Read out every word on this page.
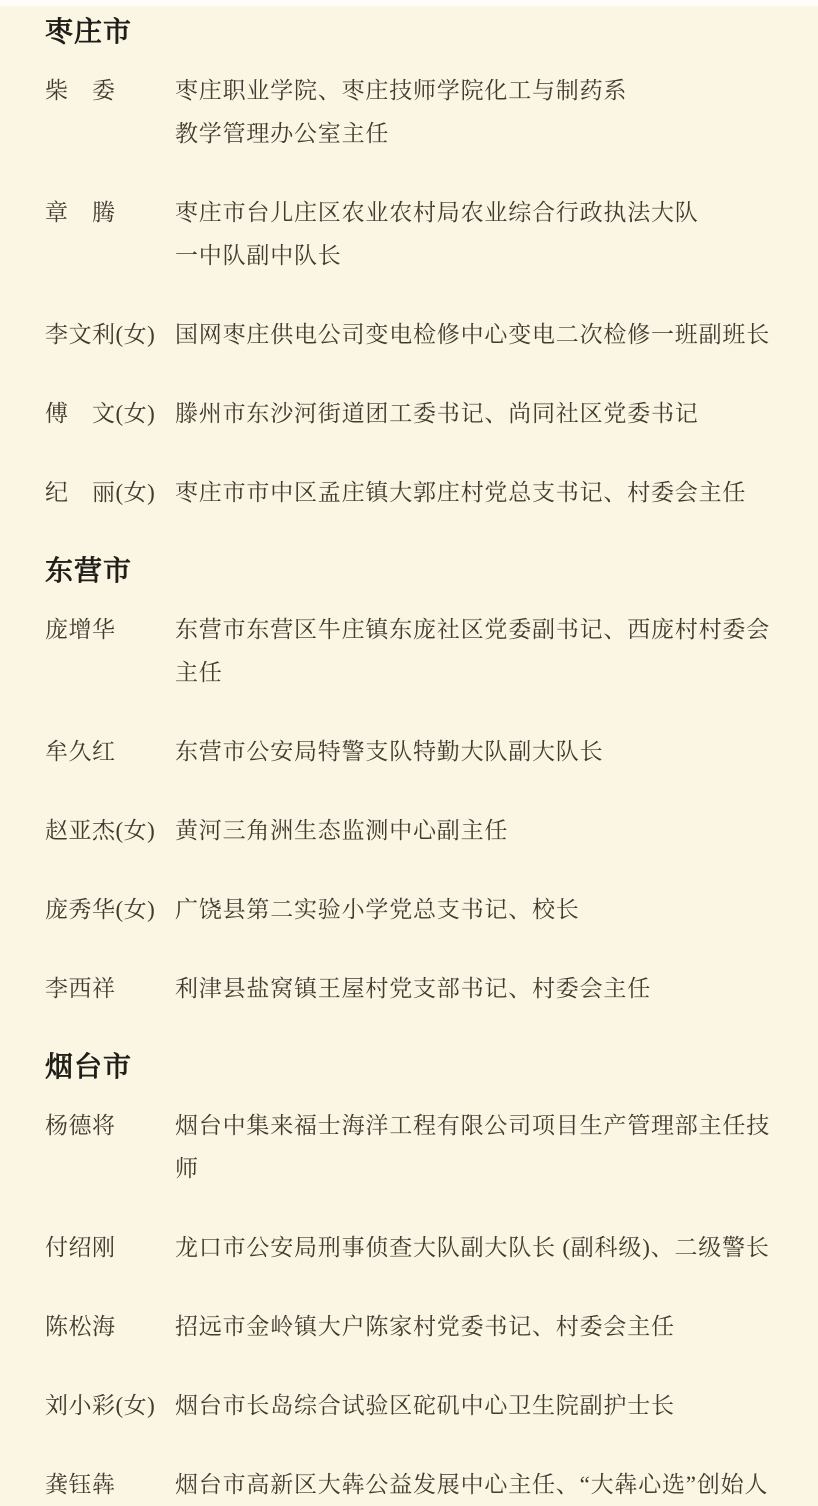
枣庄市
柴　委	枣庄职业学院、枣庄技师学院化工与制药系
教学管理办公室主任
章　腾	枣庄市台儿庄区农业农村局农业综合行政执法大队
一中队副中队长
李文利(女) 国网枣庄供电公司变电检修中心变电二次检修一班副班长
傅　文(女) 滕州市东沙河街道团工委书记、尚同社区党委书记
纪　丽(女) 枣庄市市中区孟庄镇大郭庄村党总支书记、村委会主任
东营市
庞增华	东营市东营区牛庄镇东庞社区党委副书记、西庞村村委会主任
牟久红	东营市公安局特警支队特勤大队副大队长
赵亚杰(女) 黄河三角洲生态监测中心副主任
庞秀华(女) 广饶县第二实验小学党总支书记、校长
李西祥	利津县盐窝镇王屋村党支部书记、村委会主任
烟台市
杨德将	烟台中集来福士海洋工程有限公司项目生产管理部主任技师
付绍刚	龙口市公安局刑事侦查大队副大队长 (副科级)、二级警长
陈松海	招远市金岭镇大户陈家村党委书记、村委会主任
刘小彩(女) 烟台市长岛综合试验区砣矶中心卫生院副护士长
龚钰犇	烟台市高新区大犇公益发展中心主任、“大犇心选”创始人
